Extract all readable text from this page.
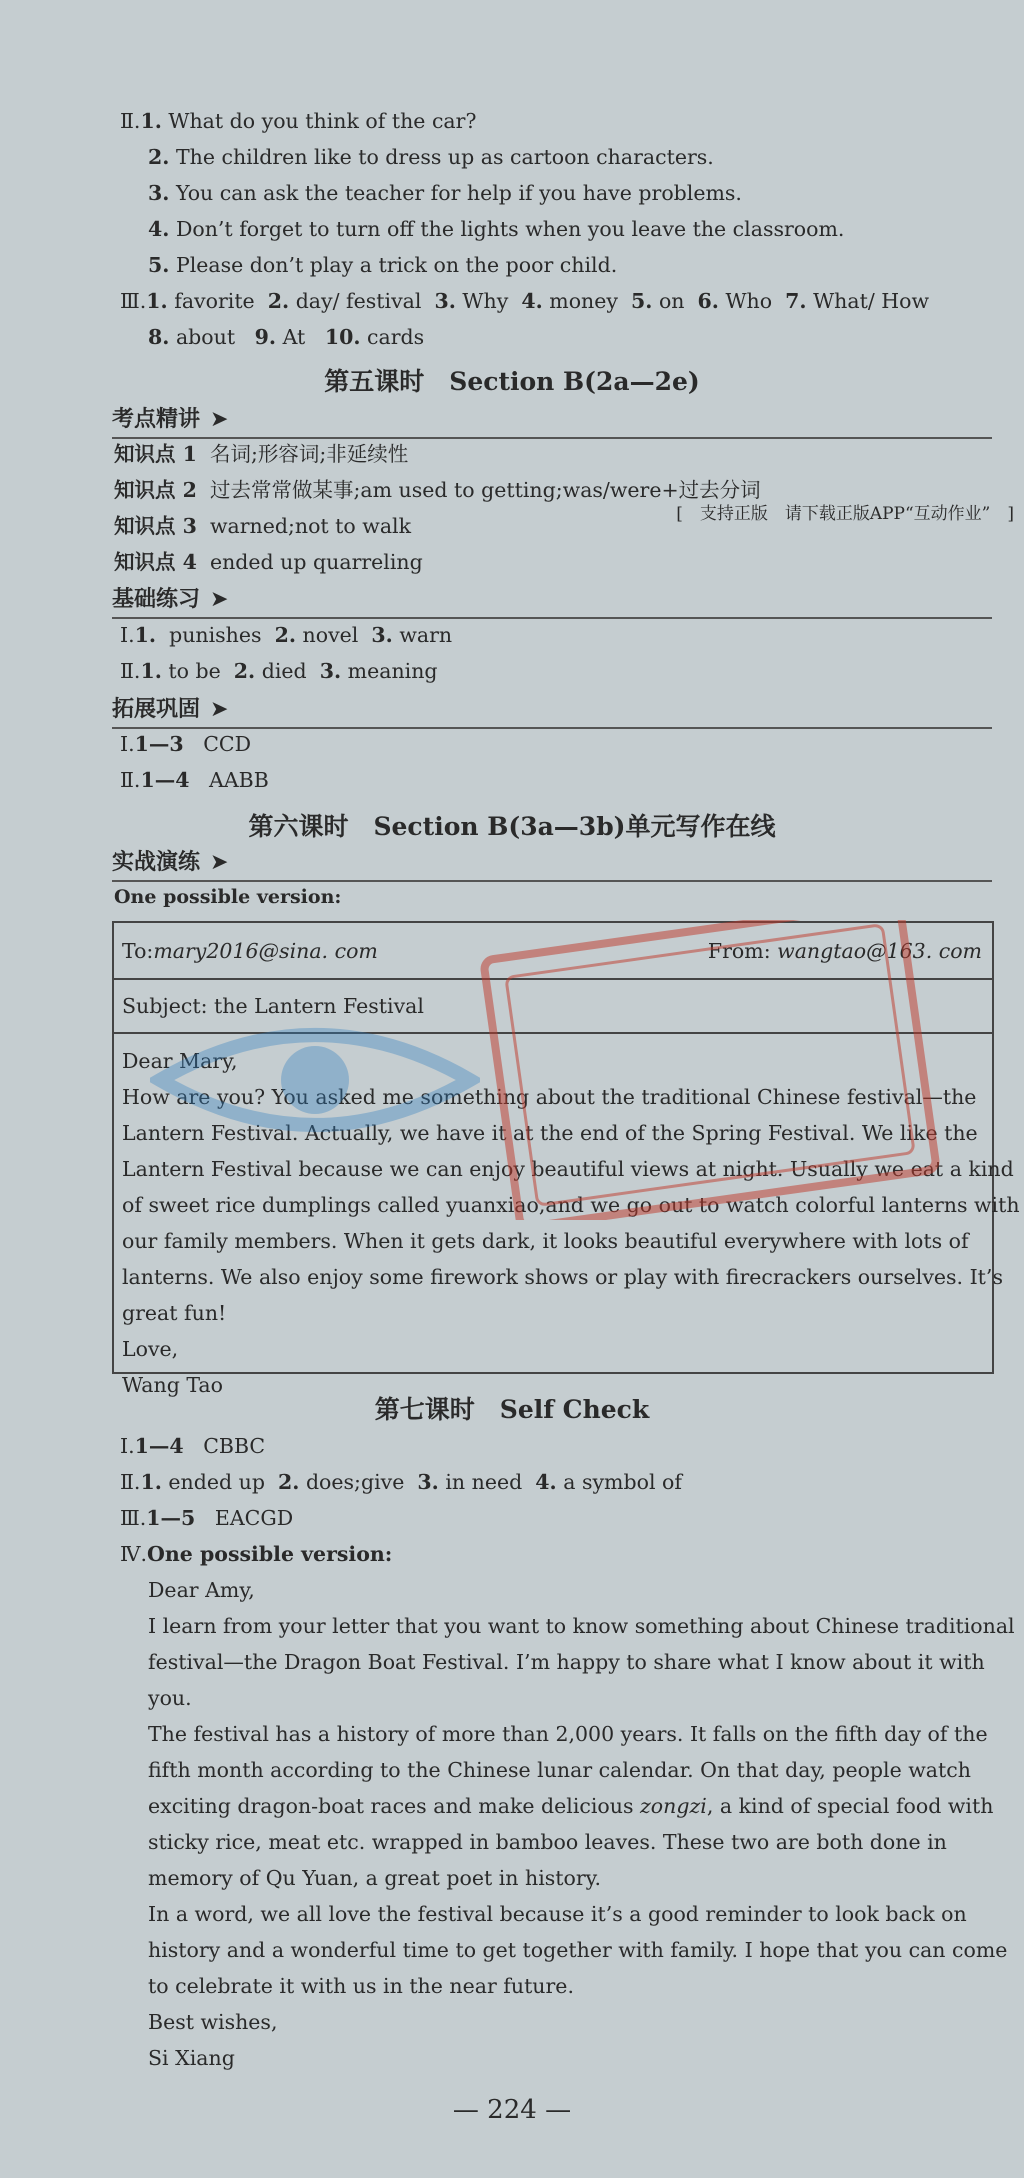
Ⅱ.1. What do you think of the car?
2. The children like to dress up as cartoon characters.
3. You can ask the teacher for help if you have problems.
4. Don’t forget to turn off the lights when you leave the classroom.
5. Please don’t play a trick on the poor child.
Ⅲ.1. favorite 2. day/ festival 3. Why 4. money 5. on 6. Who 7. What/ How
8. about 9. At 10. cards
第五课时　Section B(2a—2e)
考点精讲 ➤
知识点 1 名词;形容词;非延续性
知识点 2 过去常常做某事;am used to getting;was/were+过去分词
[　支持正版　请下载正版APP“互动作业”　]
知识点 3 warned;not to walk
知识点 4 ended up quarreling
基础练习 ➤
Ⅰ.1. punishes 2. novel 3. warn
Ⅱ.1. to be 2. died 3. meaning
拓展巩固 ➤
Ⅰ.1—3 CCD
Ⅱ.1—4 AABB
第六课时　Section B(3a—3b)单元写作在线
实战演练 ➤
One possible version:
To:mary2016@sina. com	From: wangtao@163. com
Subject: the Lantern Festival
Dear Mary,
How are you? You asked me something about the traditional Chinese festival—the
Lantern Festival. Actually, we have it at the end of the Spring Festival. We like the
Lantern Festival because we can enjoy beautiful views at night. Usually we eat a kind
of sweet rice dumplings called yuanxiao,and we go out to watch colorful lanterns with
our family members. When it gets dark, it looks beautiful everywhere with lots of
lanterns. We also enjoy some firework shows or play with firecrackers ourselves. It’s
great fun!
Love,
Wang Tao
第七课时　Self Check
Ⅰ.1—4 CBBC
Ⅱ.1. ended up 2. does;give 3. in need 4. a symbol of
Ⅲ.1—5 EACGD
Ⅳ.One possible version:
Dear Amy,
I learn from your letter that you want to know something about Chinese traditional
festival—the Dragon Boat Festival. I’m happy to share what I know about it with
you.
The festival has a history of more than 2,000 years. It falls on the fifth day of the
fifth month according to the Chinese lunar calendar. On that day, people watch
exciting dragon-boat races and make delicious zongzi, a kind of special food with
sticky rice, meat etc. wrapped in bamboo leaves. These two are both done in
memory of Qu Yuan, a great poet in history.
In a word, we all love the festival because it’s a good reminder to look back on
history and a wonderful time to get together with family. I hope that you can come
to celebrate it with us in the near future.
Best wishes,
Si Xiang
— 224 —
